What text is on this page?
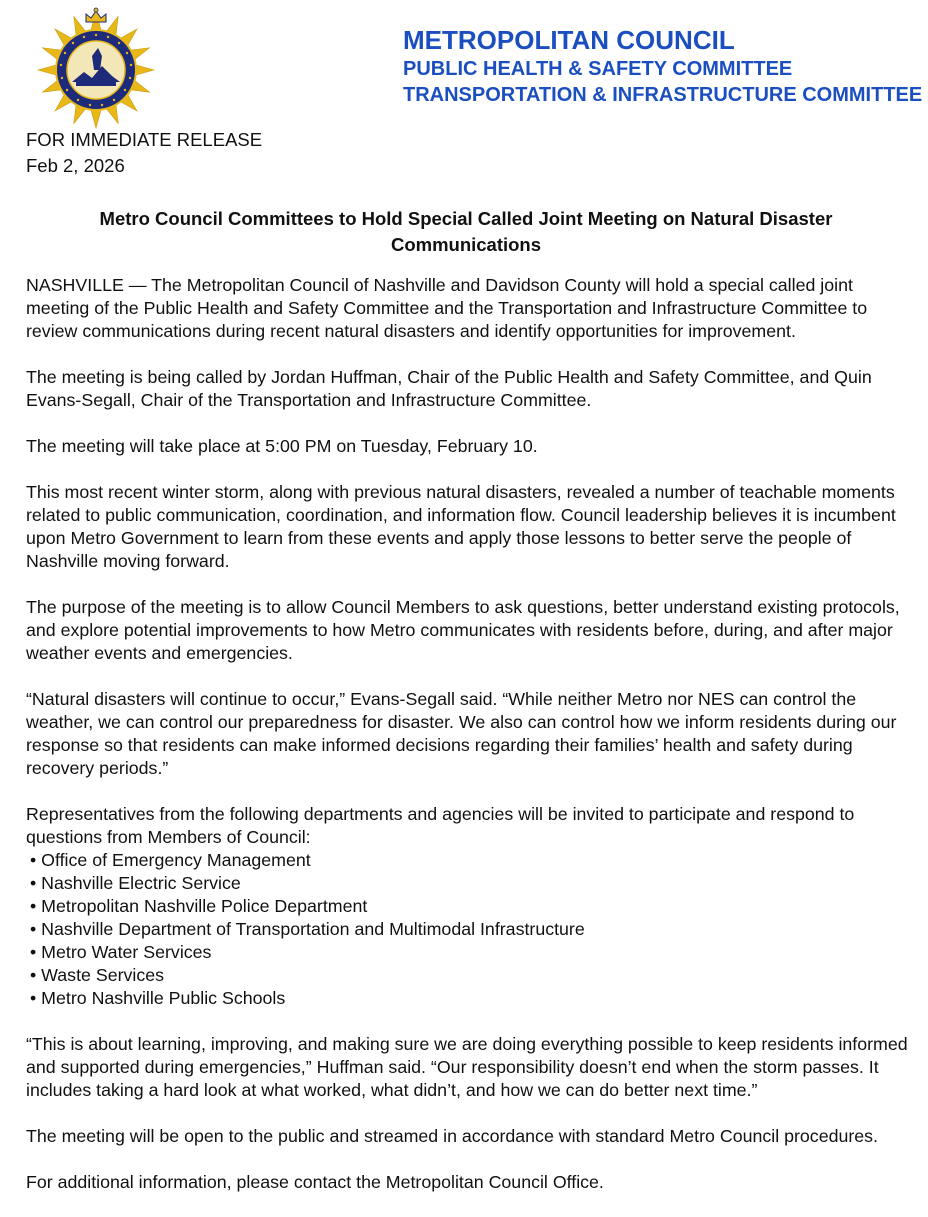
METROPOLITAN COUNCIL
PUBLIC HEALTH & SAFETY COMMITTEE
TRANSPORTATION & INFRASTRUCTURE COMMITTEE
FOR IMMEDIATE RELEASE
Feb 2, 2026
Metro Council Committees to Hold Special Called Joint Meeting on Natural Disaster Communications

NASHVILLE — The Metropolitan Council of Nashville and Davidson County will hold a special called joint meeting of the Public Health and Safety Committee and the Transportation and Infrastructure Committee to review communications during recent natural disasters and identify opportunities for improvement.

The meeting is being called by Jordan Huffman, Chair of the Public Health and Safety Committee, and Quin Evans-Segall, Chair of the Transportation and Infrastructure Committee.

The meeting will take place at 5:00 PM on Tuesday, February 10.

This most recent winter storm, along with previous natural disasters, revealed a number of teachable moments related to public communication, coordination, and information flow. Council leadership believes it is incumbent upon Metro Government to learn from these events and apply those lessons to better serve the people of Nashville moving forward.

The purpose of the meeting is to allow Council Members to ask questions, better understand existing protocols, and explore potential improvements to how Metro communicates with residents before, during, and after major weather events and emergencies.

“Natural disasters will continue to occur,” Evans-Segall said. “While neither Metro nor NES can control the weather, we can control our preparedness for disaster. We also can control how we inform residents during our response so that residents can make informed decisions regarding their families’ health and safety during recovery periods.”

Representatives from the following departments and agencies will be invited to participate and respond to questions from Members of Council:

• Office of Emergency Management
• Nashville Electric Service
• Metropolitan Nashville Police Department
• Nashville Department of Transportation and Multimodal Infrastructure
• Metro Water Services
• Waste Services
• Metro Nashville Public Schools

“This is about learning, improving, and making sure we are doing everything possible to keep residents informed and supported during emergencies,” Huffman said. “Our responsibility doesn’t end when the storm passes. It includes taking a hard look at what worked, what didn’t, and how we can do better next time.”

The meeting will be open to the public and streamed in accordance with standard Metro Council procedures.

For additional information, please contact the Metropolitan Council Office.
